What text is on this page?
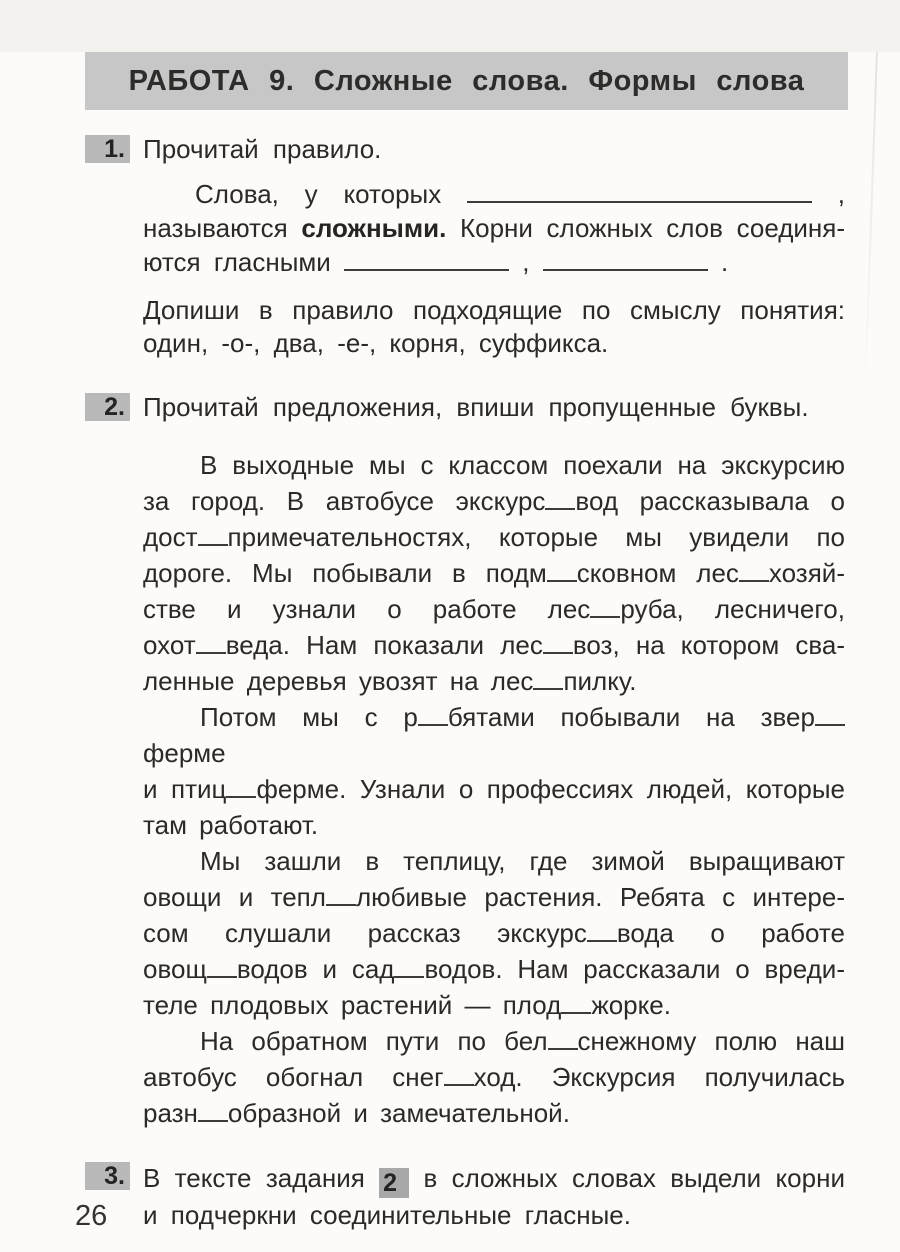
РАБОТА 9. Сложные слова. Формы слова
1. Прочитай правило.
Слова, у которых	,
называются сложными. Корни сложных слов соединя-
ются гласными	,	.
Допиши в правило подходящие по смыслу понятия:
один, -о-, два, -е-, корня, суффикса.
2. Прочитай предложения, впиши пропущенные буквы.
В выходные мы с классом поехали на экскурсию
за город. В автобусе экскурс вод рассказывала о
дост примечательностях, которые мы увидели по
дороге. Мы побывали в подм сковном лес хозяй-
стве и узнали о работе лес руба, лесничего,
охот веда. Нам показали лес воз, на котором сва-
ленные деревья увозят на лес пилку.
Потом мы с р бятами побывали на зверферме
и птиц ферме. Узнали о профессиях людей, которые
там работают.
Мы зашли в теплицу, где зимой выращивают
овощи и тепл любивые растения. Ребята с интере-
сом слушали рассказ экскурс вода о работе
овощ водов и сад водов. Нам рассказали о вреди-
теле плодовых растений — плод жорке.
На обратном пути по бел снежному полю наш
автобус обогнал снег ход. Экскурсия получилась
разн образной и замечательной.
3. В тексте задания 2 в сложных словах выдели корни
и подчеркни соединительные гласные.
26
